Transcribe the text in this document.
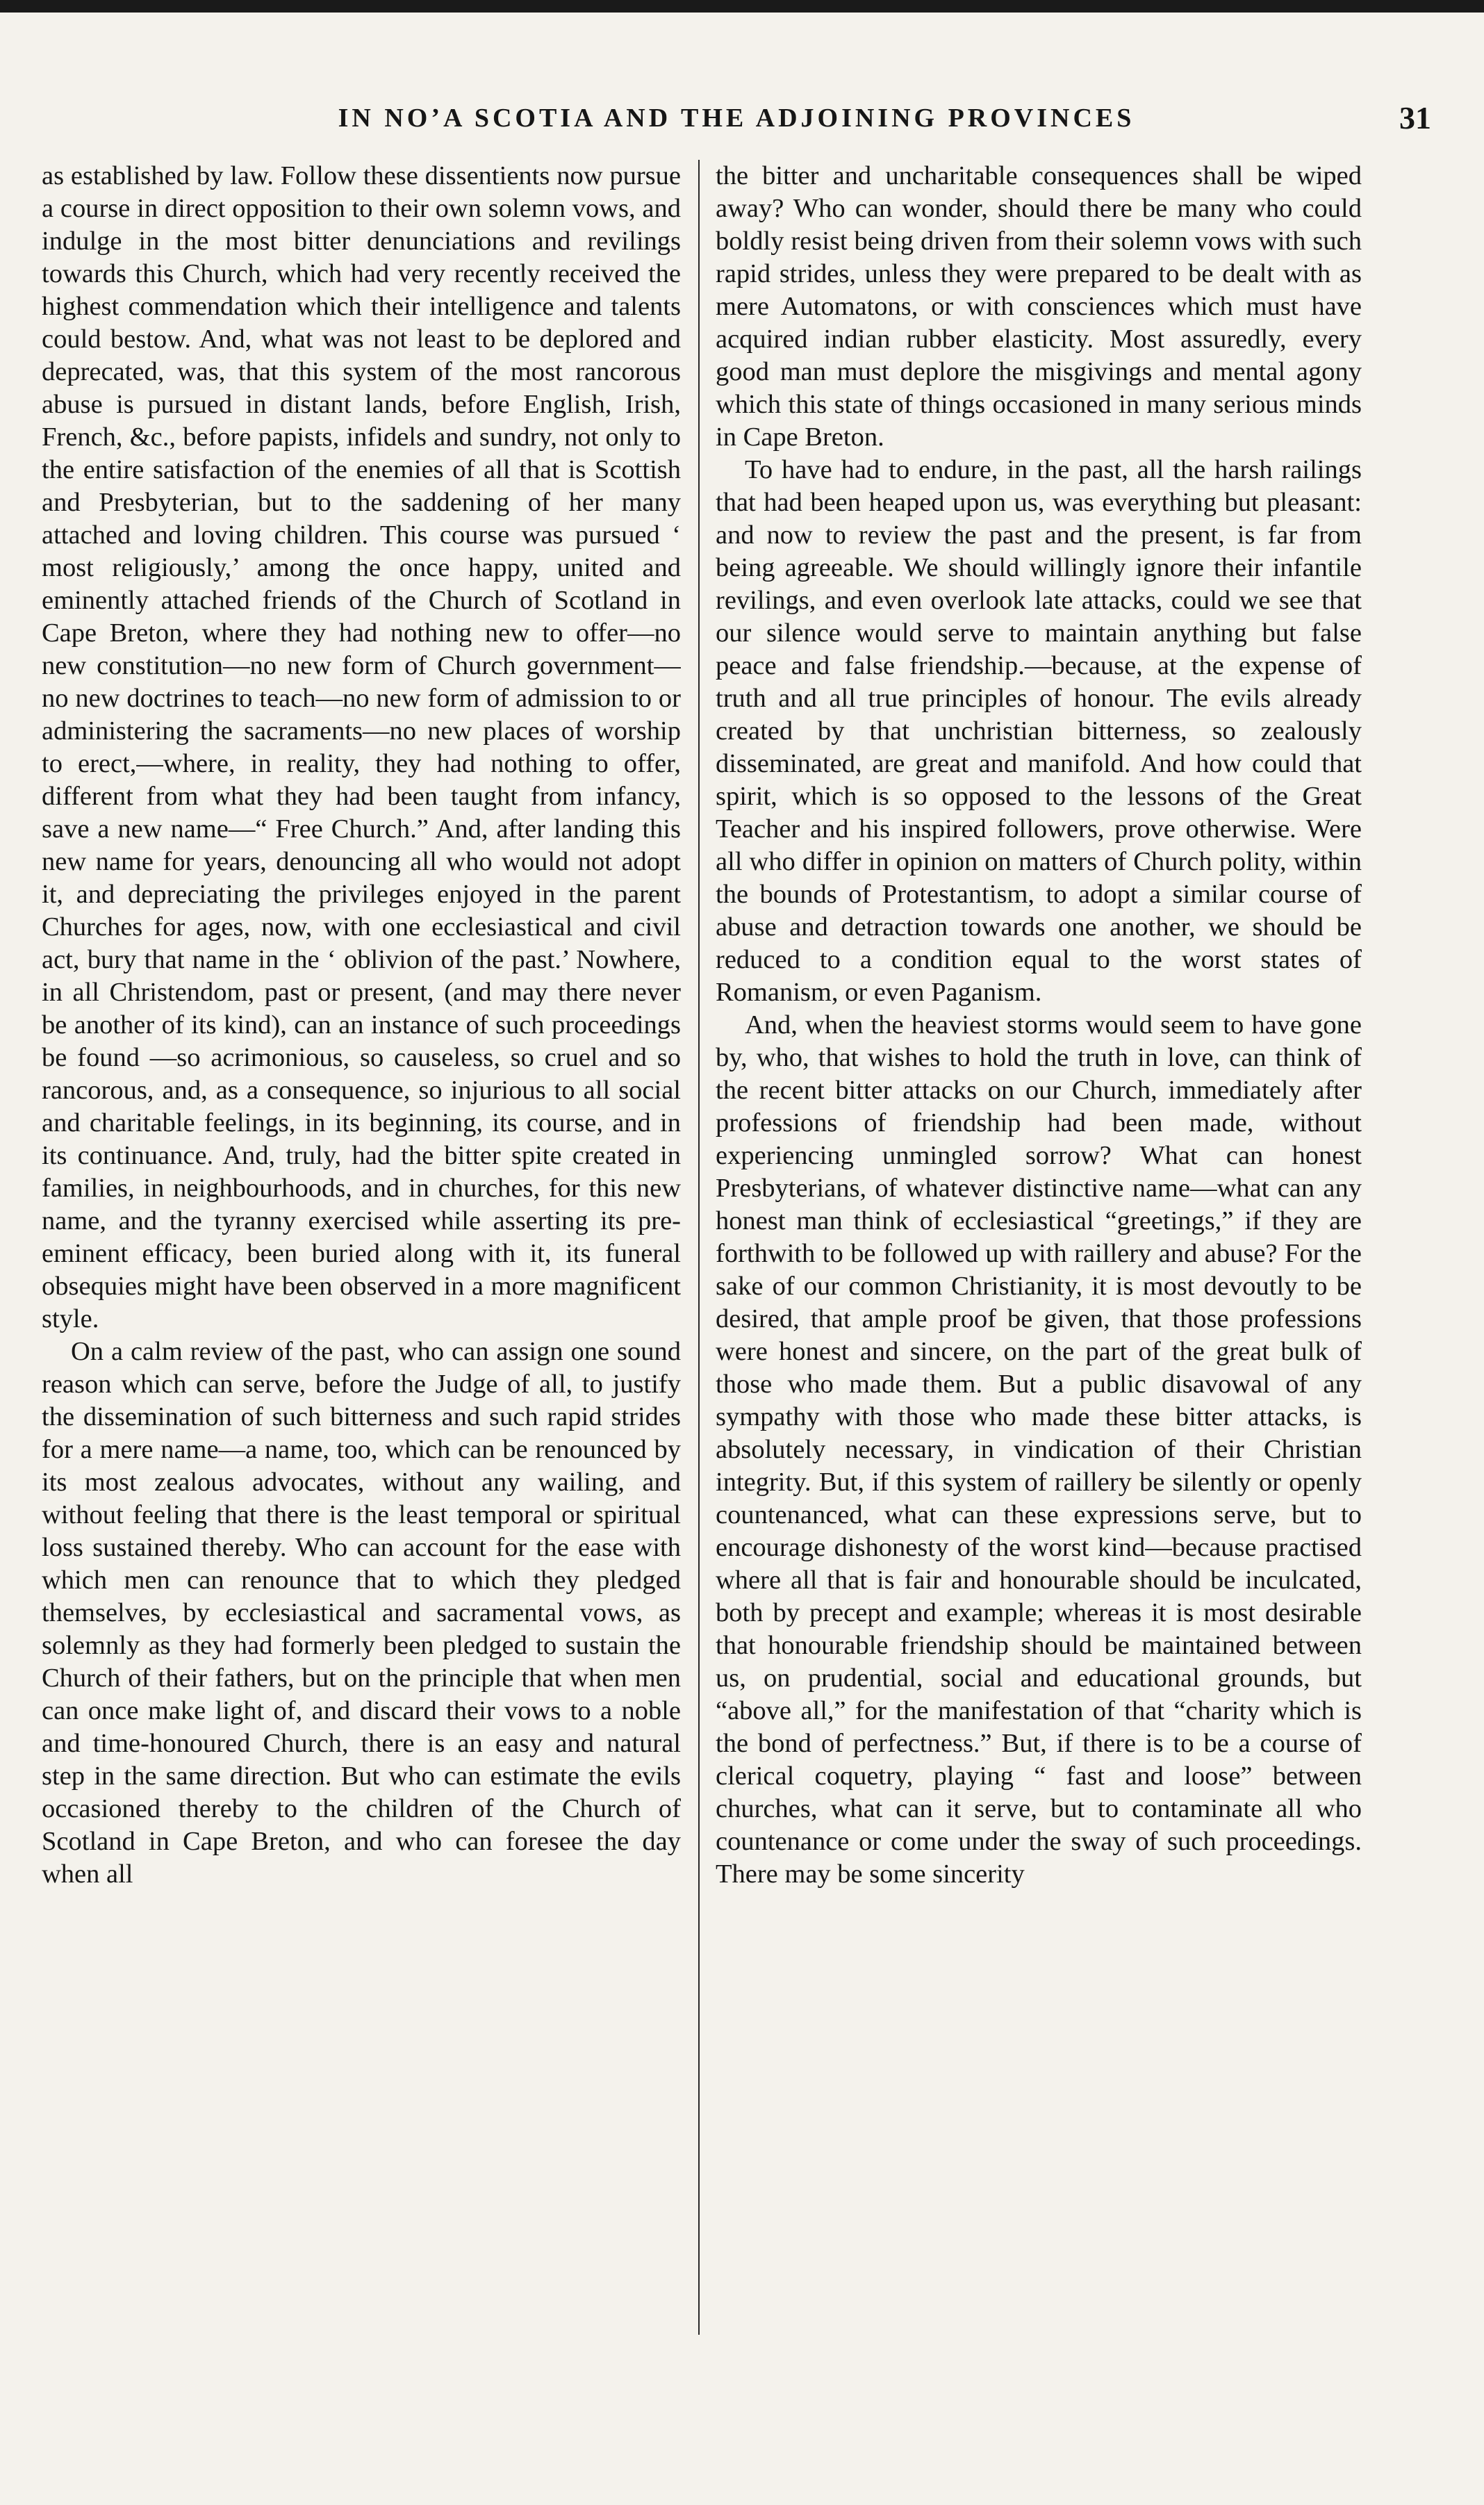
IN NO’A SCOTIA AND THE ADJOINING PROVINCES	31

as established by law. Follow these dissentients now pursue a course in direct opposition to their own solemn vows, and indulge in the most bitter denunciations and revilings towards this Church, which had very recently received the highest commendation which their intelligence and talents could bestow. And, what was not least to be deplored and deprecated, was, that this system of the most rancorous abuse is pursued in distant lands, before English, Irish, French, &c., before papists, infidels and sundry, not only to the entire satisfaction of the enemies of all that is Scottish and Presbyterian, but to the saddening of her many attached and loving children. This course was pursued ‘ most religiously,’ among the once happy, united and eminently attached friends of the Church of Scotland in Cape Breton, where they had nothing new to offer—no new constitution—no new form of Church government—no new doctrines to teach—no new form of admission to or administering the sacraments—no new places of worship to erect,—where, in reality, they had nothing to offer, different from what they had been taught from infancy, save a new name—“ Free Church.” And, after landing this new name for years, denouncing all who would not adopt it, and depreciating the privileges enjoyed in the parent Churches for ages, now, with one ecclesiastical and civil act, bury that name in the ‘ oblivion of the past.’ Nowhere, in all Christendom, past or present, (and may there never be another of its kind), can an instance of such proceedings be found —so acrimonious, so causeless, so cruel and so rancorous, and, as a consequence, so injurious to all social and charitable feelings, in its beginning, its course, and in its continuance. And, truly, had the bitter spite created in families, in neighbourhoods, and in churches, for this new name, and the tyranny exercised while asserting its pre-eminent efficacy, been buried along with it, its funeral obsequies might have been observed in a more magnificent style.

On a calm review of the past, who can assign one sound reason which can serve, before the Judge of all, to justify the dissemination of such bitterness and such rapid strides for a mere name—a name, too, which can be renounced by its most zealous advocates, without any wailing, and without feeling that there is the least temporal or spiritual loss sustained thereby. Who can account for the ease with which men can renounce that to which they pledged themselves, by ecclesiastical and sacramental vows, as solemnly as they had formerly been pledged to sustain the Church of their fathers, but on the principle that when men can once make light of, and discard their vows to a noble and time-honoured Church, there is an easy and natural step in the same direction. But who can estimate the evils occasioned thereby to the children of the Church of Scotland in Cape Breton, and who can foresee the day when all

the bitter and uncharitable consequences shall be wiped away? Who can wonder, should there be many who could boldly resist being driven from their solemn vows with such rapid strides, unless they were prepared to be dealt with as mere Automatons, or with consciences which must have acquired indian rubber elasticity. Most assuredly, every good man must deplore the misgivings and mental agony which this state of things occasioned in many serious minds in Cape Breton.

To have had to endure, in the past, all the harsh railings that had been heaped upon us, was everything but pleasant: and now to review the past and the present, is far from being agreeable. We should willingly ignore their infantile revilings, and even overlook late attacks, could we see that our silence would serve to maintain anything but false peace and false friendship.—because, at the expense of truth and all true principles of honour. The evils already created by that unchristian bitterness, so zealously disseminated, are great and manifold. And how could that spirit, which is so opposed to the lessons of the Great Teacher and his inspired followers, prove otherwise. Were all who differ in opinion on matters of Church polity, within the bounds of Protestantism, to adopt a similar course of abuse and detraction towards one another, we should be reduced to a condition equal to the worst states of Romanism, or even Paganism.

And, when the heaviest storms would seem to have gone by, who, that wishes to hold the truth in love, can think of the recent bitter attacks on our Church, immediately after professions of friendship had been made, without experiencing unmingled sorrow? What can honest Presbyterians, of whatever distinctive name—what can any honest man think of ecclesiastical “greetings,” if they are forthwith to be followed up with raillery and abuse? For the sake of our common Christianity, it is most devoutly to be desired, that ample proof be given, that those professions were honest and sincere, on the part of the great bulk of those who made them. But a public disavowal of any sympathy with those who made these bitter attacks, is absolutely necessary, in vindication of their Christian integrity. But, if this system of raillery be silently or openly countenanced, what can these expressions serve, but to encourage dishonesty of the worst kind—because practised where all that is fair and honourable should be inculcated, both by precept and example; whereas it is most desirable that honourable friendship should be maintained between us, on prudential, social and educational grounds, but “above all,” for the manifestation of that “charity which is the bond of perfectness.” But, if there is to be a course of clerical coquetry, playing “ fast and loose” between churches, what can it serve, but to contaminate all who countenance or come under the sway of such proceedings. There may be some sincerity
